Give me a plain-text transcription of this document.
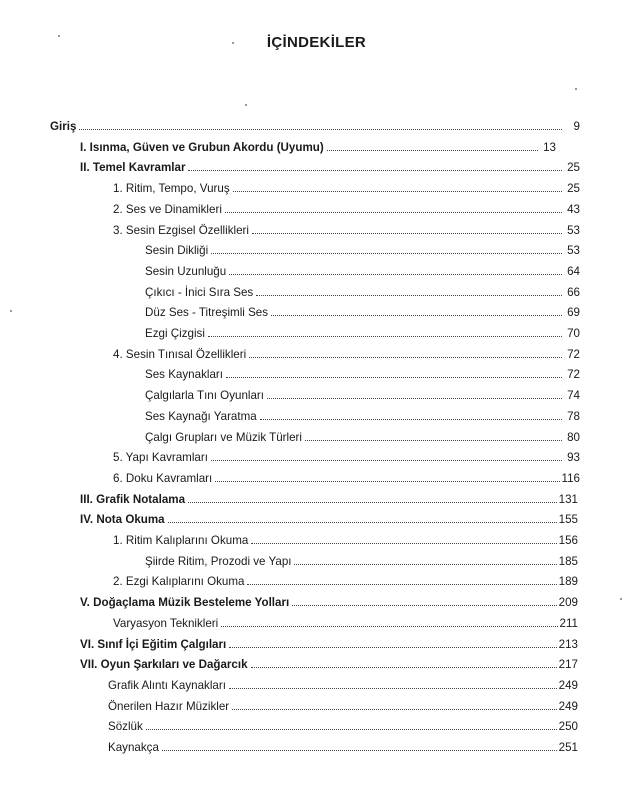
İÇİNDEKİLER
Giriş	9
I. Isınma, Güven ve Grubun Akordu (Uyumu)	13
II. Temel Kavramlar	25
1. Ritim, Tempo, Vuruş	25
2. Ses ve Dinamikleri	43
3. Sesin Ezgisel Özellikleri	53
Sesin Dikliği	53
Sesin Uzunluğu	64
Çıkıcı - İnici Sıra Ses	66
Düz Ses - Titreşimli Ses	69
Ezgi Çizgisi	70
4. Sesin Tınısal Özellikleri	72
Ses Kaynakları	72
Çalgılarla Tını Oyunları	74
Ses Kaynağı Yaratma	78
Çalgı Grupları ve Müzik Türleri	80
5. Yapı Kavramları	93
6. Doku Kavramları	116
III. Grafik Notalama	131
IV. Nota Okuma	155
1. Ritim Kalıplarını Okuma	156
Şiirde Ritim, Prozodi ve Yapı	185
2. Ezgi Kalıplarını Okuma	189
V. Doğaçlama Müzik Besteleme Yolları	209
Varyasyon Teknikleri	211
VI. Sınıf İçi Eğitim Çalgıları	213
VII. Oyun Şarkıları ve Dağarcık	217
Grafik Alıntı Kaynakları	249
Önerilen Hazır Müzikler	249
Sözlük	250
Kaynakça	251
